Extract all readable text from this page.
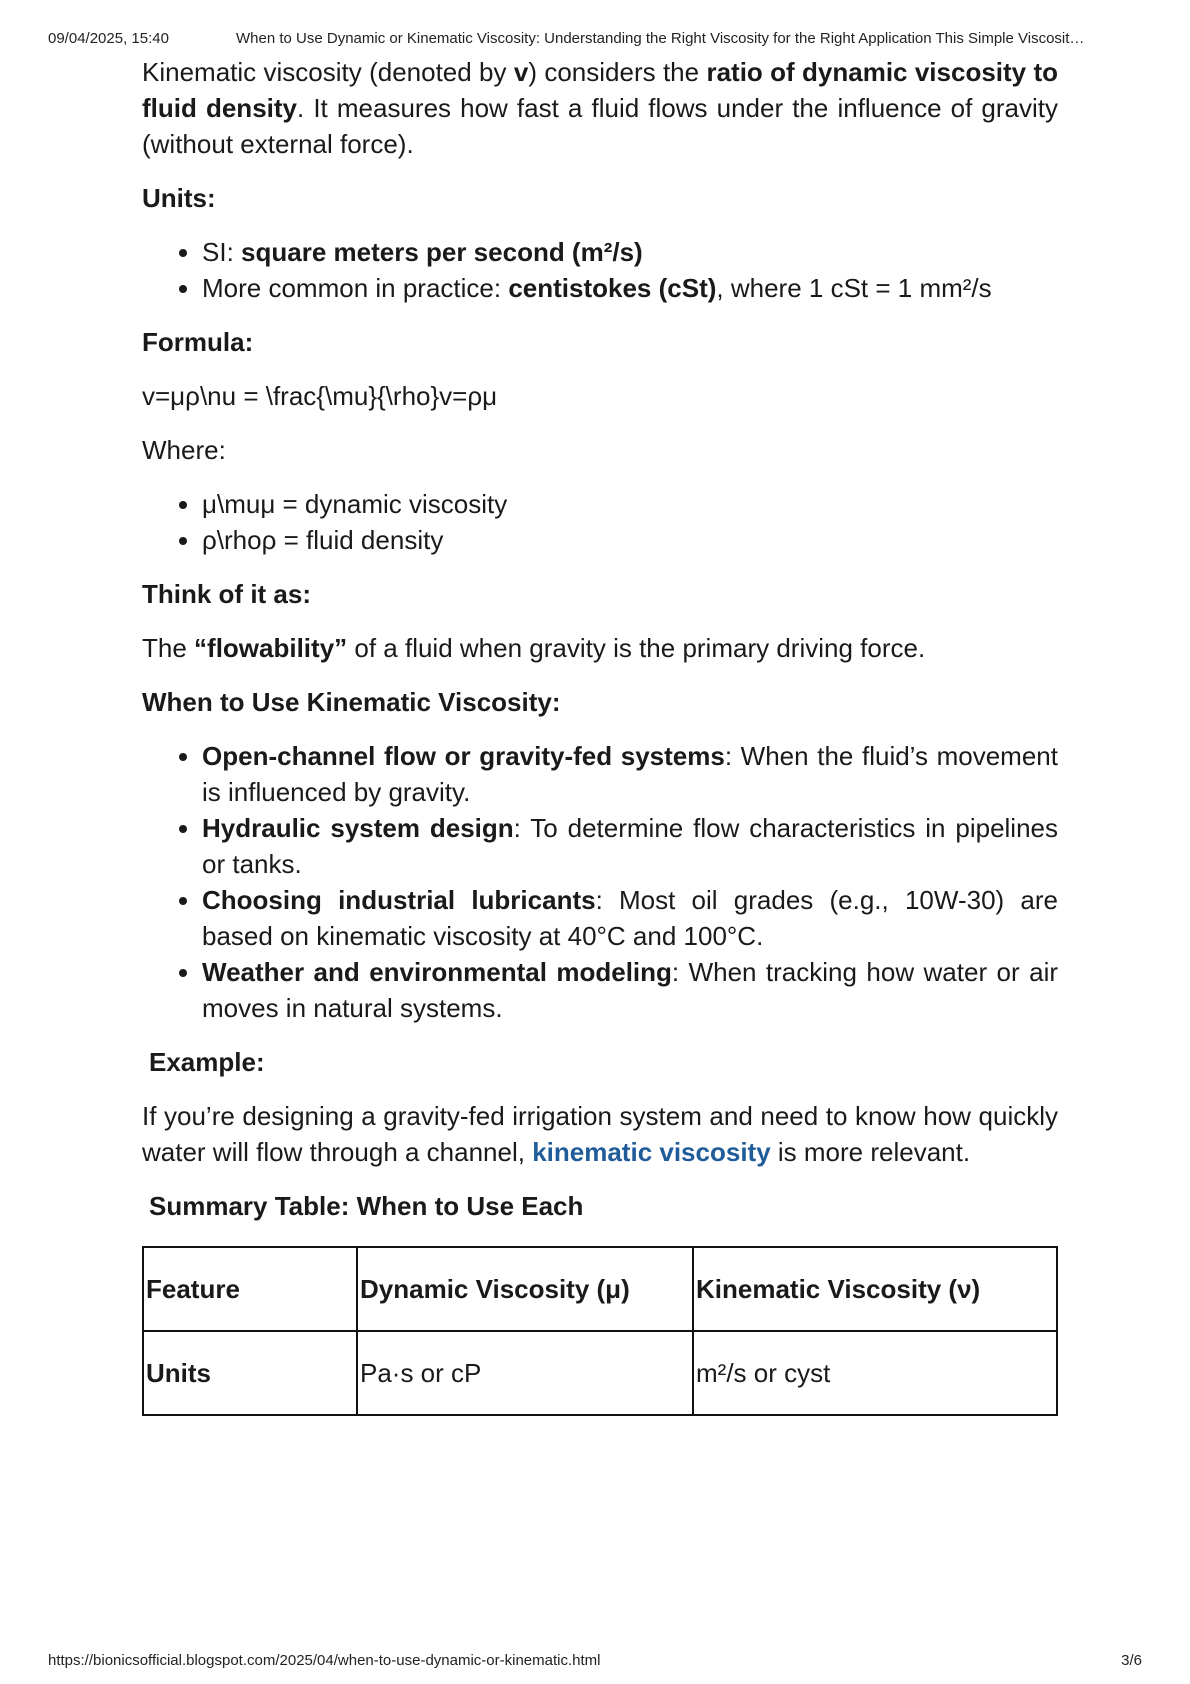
09/04/2025, 15:40	When to Use Dynamic or Kinematic Viscosity: Understanding the Right Viscosity for the Right Application This Simple Viscosit…

Kinematic viscosity (denoted by v) considers the ratio of dynamic viscosity to fluid density. It measures how fast a fluid flows under the influence of gravity (without external force).

Units:

• SI: square meters per second (m²/s)
• More common in practice: centistokes (cSt), where 1 cSt = 1 mm²/s

Formula:

v=μρ\nu = \frac{\mu}{\rho}v=ρμ

Where:

• μ\muμ = dynamic viscosity
• ρ\rhoρ = fluid density

Think of it as:

The “flowability” of a fluid when gravity is the primary driving force.

When to Use Kinematic Viscosity:

• Open-channel flow or gravity-fed systems: When the fluid’s movement is influenced by gravity.
• Hydraulic system design: To determine flow characteristics in pipelines or tanks.
• Choosing industrial lubricants: Most oil grades (e.g., 10W-30) are based on kinematic viscosity at 40°C and 100°C.
• Weather and environmental modeling: When tracking how water or air moves in natural systems.

Example:

If you’re designing a gravity-fed irrigation system and need to know how quickly water will flow through a channel, kinematic viscosity is more relevant.

Summary Table: When to Use Each

Feature	Dynamic Viscosity (μ)	Kinematic Viscosity (ν)
Units	Pa·s or cP	m²/s or cyst
https://bionicsofficial.blogspot.com/2025/04/when-to-use-dynamic-or-kinematic.html	3/6
